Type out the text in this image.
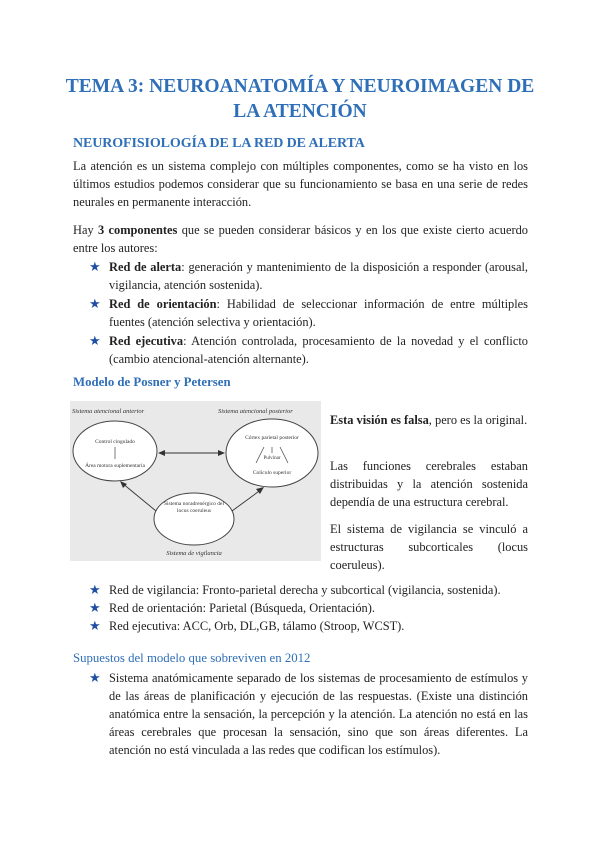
TEMA 3: NEUROANATOMÍA Y NEUROIMAGEN DE LA ATENCIÓN
NEUROFISIOLOGÍA DE LA RED DE ALERTA

La atención es un sistema complejo con múltiples componentes, como se ha visto en los últimos estudios podemos considerar que su funcionamiento se basa en una serie de redes neurales en permanente interacción.

Hay 3 componentes que se pueden considerar básicos y en los que existe cierto acuerdo entre los autores:

★ Red de alerta: generación y mantenimiento de la disposición a responder (arousal, vigilancia, atención sostenida).
★ Red de orientación: Habilidad de seleccionar información de entre múltiples fuentes (atención selectiva y orientación).
★ Red ejecutiva: Atención controlada, procesamiento de la novedad y el conflicto (cambio atencional-atención alternante).
Modelo de Posner y Petersen
Sistema atencional anterior	Sistema atencional posterior
Control cingulado
Área motora suplementaria
Córtex parietal posterior
Pulvinar
Colículo superior
Sistema noradrenérgico del locus coeruleus
Sistema de vigilancia

Esta visión es falsa, pero es la original.

Las funciones cerebrales estaban distribuidas y la atención sostenida dependía de una estructura cerebral.

El sistema de vigilancia se vinculó a estructuras subcorticales (locus coeruleus).

★ Red de vigilancia: Fronto-parietal derecha y subcortical (vigilancia, sostenida).
★ Red de orientación: Parietal (Búsqueda, Orientación).
★ Red ejecutiva: ACC, Orb, DL,GB, tálamo (Stroop, WCST).
Supuestos del modelo que sobreviven en 2012
★ Sistema anatómicamente separado de los sistemas de procesamiento de estímulos y de las áreas de planificación y ejecución de las respuestas. (Existe una distinción anatómica entre la sensación, la percepción y la atención. La atención no está en las áreas cerebrales que procesan la sensación, sino que son áreas diferentes. La atención no está vinculada a las redes que codifican los estímulos).
